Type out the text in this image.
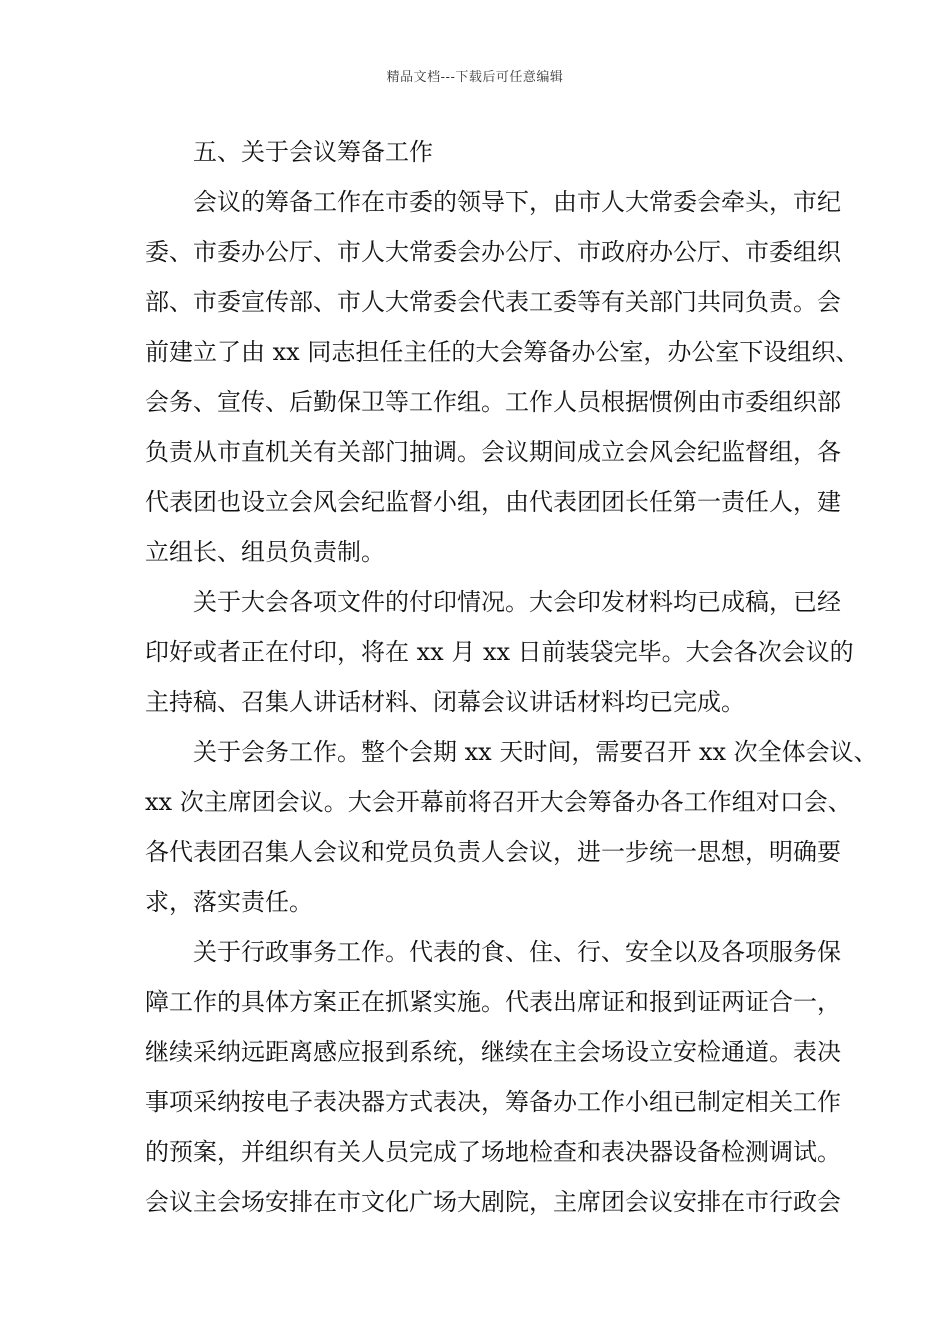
精品文档---下载后可任意编辑
五、关于会议筹备工作
会议的筹备工作在市委的领导下，由市人大常委会牵头，市纪
委、市委办公厅、市人大常委会办公厅、市政府办公厅、市委组织
部、市委宣传部、市人大常委会代表工委等有关部门共同负责。会
前建立了由 xx 同志担任主任的大会筹备办公室，办公室下设组织、
会务、宣传、后勤保卫等工作组。工作人员根据惯例由市委组织部
负责从市直机关有关部门抽调。会议期间成立会风会纪监督组，各
代表团也设立会风会纪监督小组，由代表团团长任第一责任人，建
立组长、组员负责制。
关于大会各项文件的付印情况。大会印发材料均已成稿，已经
印好或者正在付印，将在 xx 月 xx 日前装袋完毕。大会各次会议的
主持稿、召集人讲话材料、闭幕会议讲话材料均已完成。
关于会务工作。整个会期 xx 天时间，需要召开 xx 次全体会议、
xx 次主席团会议。大会开幕前将召开大会筹备办各工作组对口会、
各代表团召集人会议和党员负责人会议，进一步统一思想，明确要
求，落实责任。
关于行政事务工作。代表的食、住、行、安全以及各项服务保
障工作的具体方案正在抓紧实施。代表出席证和报到证两证合一，
继续采纳远距离感应报到系统，继续在主会场设立安检通道。表决
事项采纳按电子表决器方式表决，筹备办工作小组已制定相关工作
的预案，并组织有关人员完成了场地检查和表决器设备检测调试。
会议主会场安排在市文化广场大剧院，主席团会议安排在市行政会
